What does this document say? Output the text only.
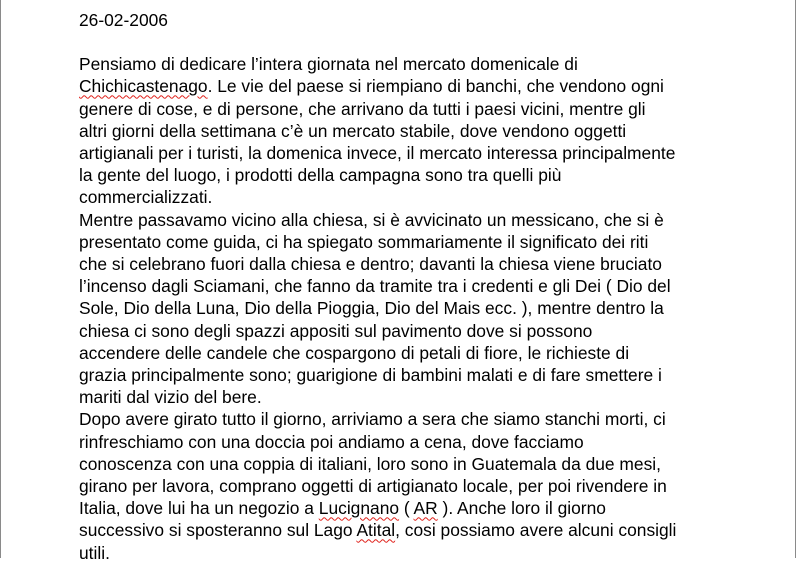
26-02-2006
Pensiamo di dedicare l’intera giornata nel mercato domenicale di
Chichicastenago. Le vie del paese si riempiano di banchi, che vendono ogni
genere di cose, e di persone, che arrivano da tutti i paesi vicini, mentre gli
altri giorni della settimana c’è un mercato stabile, dove vendono oggetti
artigianali per i turisti, la domenica invece, il mercato interessa principalmente
la gente del luogo, i prodotti della campagna sono tra quelli più
commercializzati.
Mentre passavamo vicino alla chiesa, si è avvicinato un messicano, che si è
presentato come guida, ci ha spiegato sommariamente il significato dei riti
che si celebrano fuori dalla chiesa e dentro; davanti la chiesa viene bruciato
l’incenso dagli Sciamani, che fanno da tramite tra i credenti e gli Dei ( Dio del
Sole, Dio della Luna, Dio della Pioggia, Dio del Mais ecc. ), mentre dentro la
chiesa ci sono degli spazzi appositi sul pavimento dove si possono
accendere delle candele che cospargono di petali di fiore, le richieste di
grazia principalmente sono; guarigione di bambini malati e di fare smettere i
mariti dal vizio del bere.
Dopo avere girato tutto il giorno, arriviamo a sera che siamo stanchi morti, ci
rinfreschiamo con una doccia poi andiamo a cena, dove facciamo
conoscenza con una coppia di italiani, loro sono in Guatemala da due mesi,
girano per lavora, comprano oggetti di artigianato locale, per poi rivendere in
Italia, dove lui ha un negozio a Lucignano ( AR ). Anche loro il giorno
successivo si sposteranno sul Lago Atital, cosi possiamo avere alcuni consigli
utili.
